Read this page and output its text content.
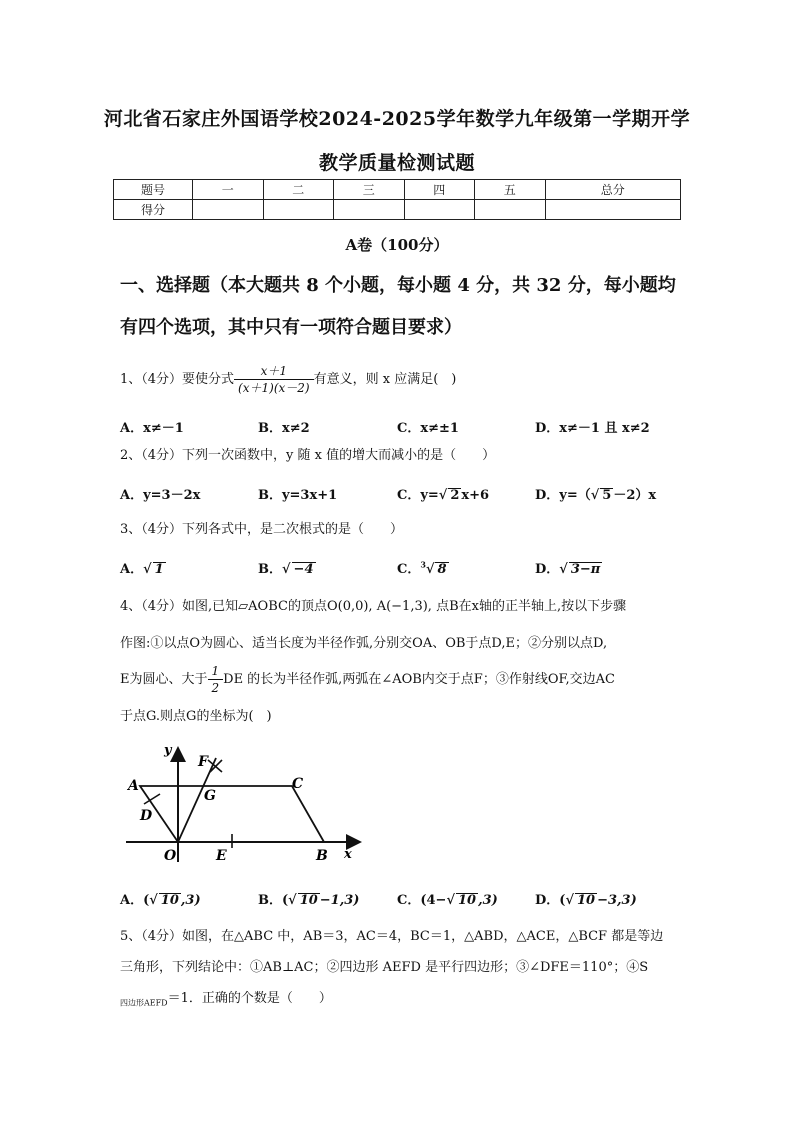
河北省石家庄外国语学校2024-2025学年数学九年级第一学期开学
教学质量检测试题
题号	一	二	三	四	五	总分
得分						
A卷（100分）
一、选择题（本大题共 8 个小题，每小题 4 分，共 32 分，每小题均
有四个选项，其中只有一项符合题目要求）
1、（4分）要使分式 $\frac{x+1}{(x+1)(x-2)}$ 有意义，则 x 应满足(　)
A．x≠－1	B．x≠2	C．x≠±1	D．x≠－1 且 x≠2
2、（4分）下列一次函数中，y 随 x 值的增大而减小的是（　　）
A．y=3－2x	B．y=3x+1	C．y=√ 2 x+6	D．y=（√ 5 －2）x
3、（4分）下列各式中，是二次根式的是（　　）
A．√ 1	B．√ −4	C．$^3$√ 8	D．√ 3−π
4、（4分）如图,已知▱AOBC的顶点O(0,0), A(−1,3), 点B在x轴的正半轴上,按以下步骤
作图:①以点O为圆心、适当长度为半径作弧,分别交OA、OB于点D,E；②分别以点D,
E为圆心、大于 $\frac{1}{2}$ DE 的长为半径作弧,两弧在∠AOB内交于点F；③作射线OF,交边AC
于点G.则点G的坐标为(　)
y
x
A	C
D
F
G
O	E	B
A．(√ 10 ,3)	B．(√ 10 −1,3)	C．(4−√ 10 ,3)	D．(√ 10 −3,3)
5、（4分）如图，在△ABC 中，AB＝3，AC＝4，BC＝1，△ABD，△ACE，△BCF 都是等边
三角形，下列结论中：①AB⊥AC；②四边形 AEFD 是平行四边形；③∠DFE＝110°；④S
$_{四边形AEFD}$＝1．正确的个数是（　　）
